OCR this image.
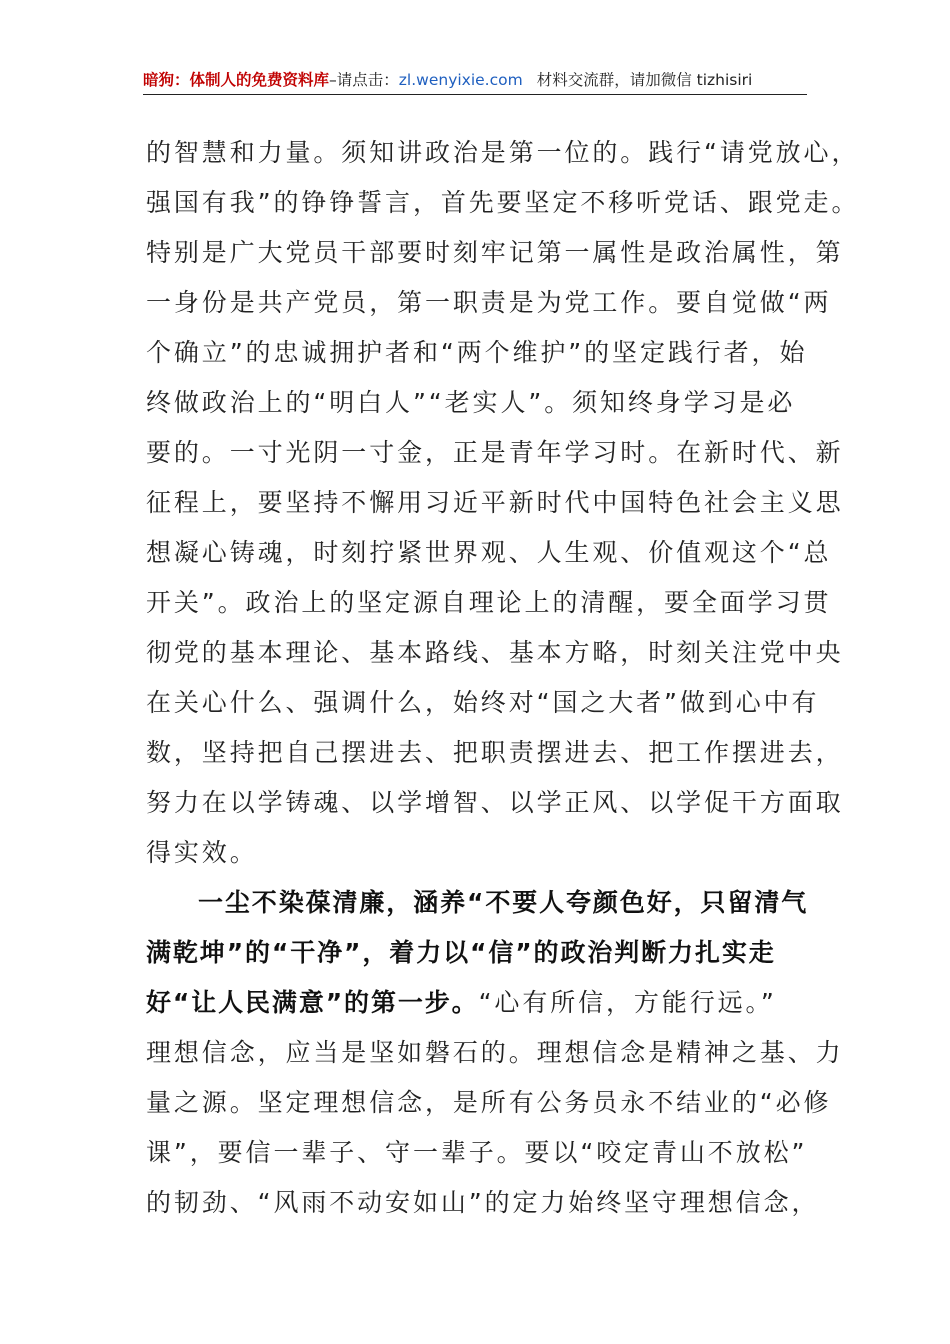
暗狗：体制人的免费资料库–请点击：zl.wenyixie.com 材料交流群，请加微信 tizhisiri
的智慧和力量。须知讲政治是第一位的。践行“请党放心，
强国有我”的铮铮誓言，首先要坚定不移听党话、跟党走。
特别是广大党员干部要时刻牢记第一属性是政治属性，第
一身份是共产党员，第一职责是为党工作。要自觉做“两
个确立”的忠诚拥护者和“两个维护”的坚定践行者，始
终做政治上的“明白人”“老实人”。须知终身学习是必
要的。一寸光阴一寸金，正是青年学习时。在新时代、新
征程上，要坚持不懈用习近平新时代中国特色社会主义思
想凝心铸魂，时刻拧紧世界观、人生观、价值观这个“总
开关”。政治上的坚定源自理论上的清醒，要全面学习贯
彻党的基本理论、基本路线、基本方略，时刻关注党中央
在关心什么、强调什么，始终对“国之大者”做到心中有
数，坚持把自己摆进去、把职责摆进去、把工作摆进去，
努力在以学铸魂、以学增智、以学正风、以学促干方面取
得实效。
一尘不染葆清廉，涵养“不要人夸颜色好，只留清气
满乾坤”的“干净”，着力以“信”的政治判断力扎实走
好“让人民满意”的第一步。“心有所信，方能行远。”
理想信念，应当是坚如磐石的。理想信念是精神之基、力
量之源。坚定理想信念，是所有公务员永不结业的“必修
课”，要信一辈子、守一辈子。要以“咬定青山不放松”
的韧劲、“风雨不动安如山”的定力始终坚守理想信念，
